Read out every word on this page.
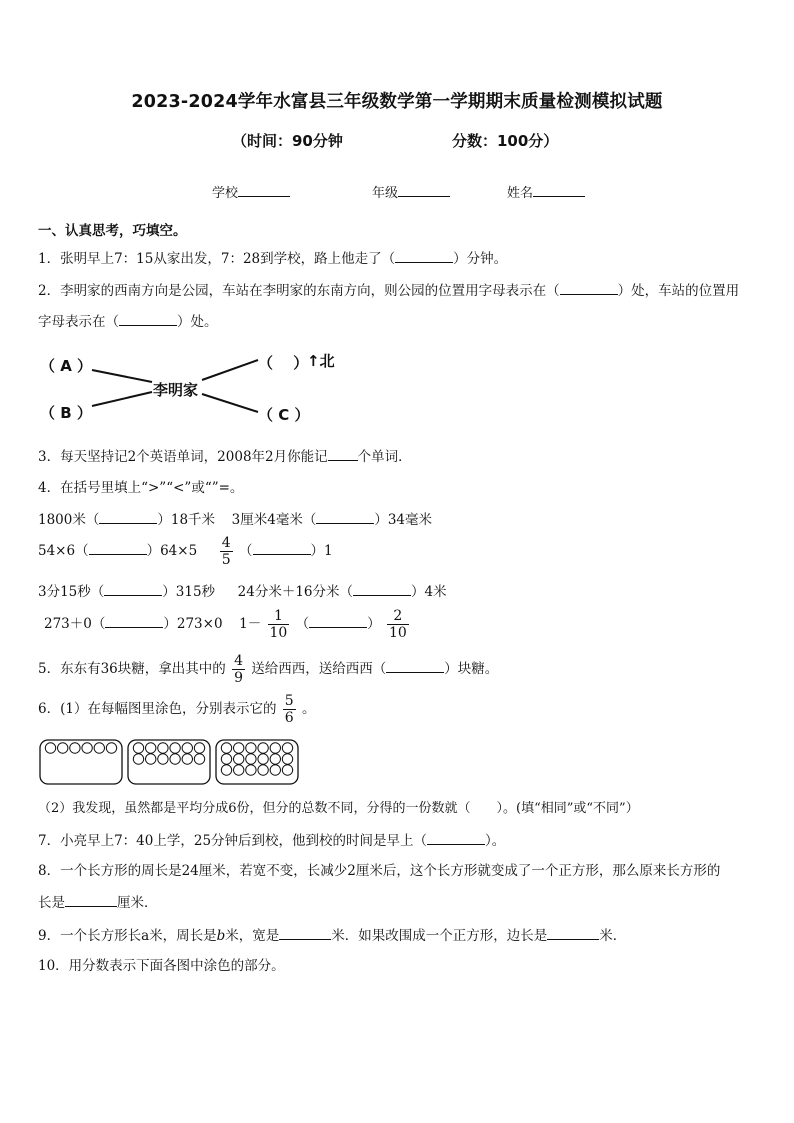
2023-2024学年水富县三年级数学第一学期期末质量检测模拟试题
（时间：90分钟	分数：100分）
学校	年级	姓名
一、认真思考，巧填空。
1．张明早上7：15从家出发，7：28到学校，路上他走了（	）分钟。
2．李明家的西南方向是公园，车站在李明家的东南方向，则公园的位置用字母表示在（	）处，车站的位置用
字母表示在（	）处。
（ A ）
（ B ）	（ C ）
（　 ）
↑北
李明家
3．每天坚持记2个英语单词，2008年2月你能记 个单词．
4．在括号里填上“>”“<”或“”=。
1800米（	）18千米 3厘米4毫米（	）34毫米
54×6（	）$64\times 5 \frac{4}{5}$ （	）1
3分15秒（	）315秒 24分米＋16分米（	）4米
273＋0（	）273×0 $1- \frac{1}{10}$ （	） $\frac{2}{10}$
5．东东有36块糖，拿出其中的 $\frac{4}{9}$ 送给西西，送给西西（	）块糖。
6．(1）在每幅图里涂色，分别表示它的 $\frac{5}{6}$ 。
（2）我发现，虽然都是平均分成6份，但分的总数不同，分得的一份数就（　　）。(填“相同”或“不同”）
7．小亮早上7：40上学，25分钟后到校，他到校的时间是早上（	）。
8．一个长方形的周长是24厘米，若宽不变，长减少2厘米后，这个长方形就变成了一个正方形，那么原来长方形的
长是	厘米．
9．一个长方形长a米，周长是b米，宽是	米．如果改围成一个正方形，边长是	米．
10．用分数表示下面各图中涂色的部分。
